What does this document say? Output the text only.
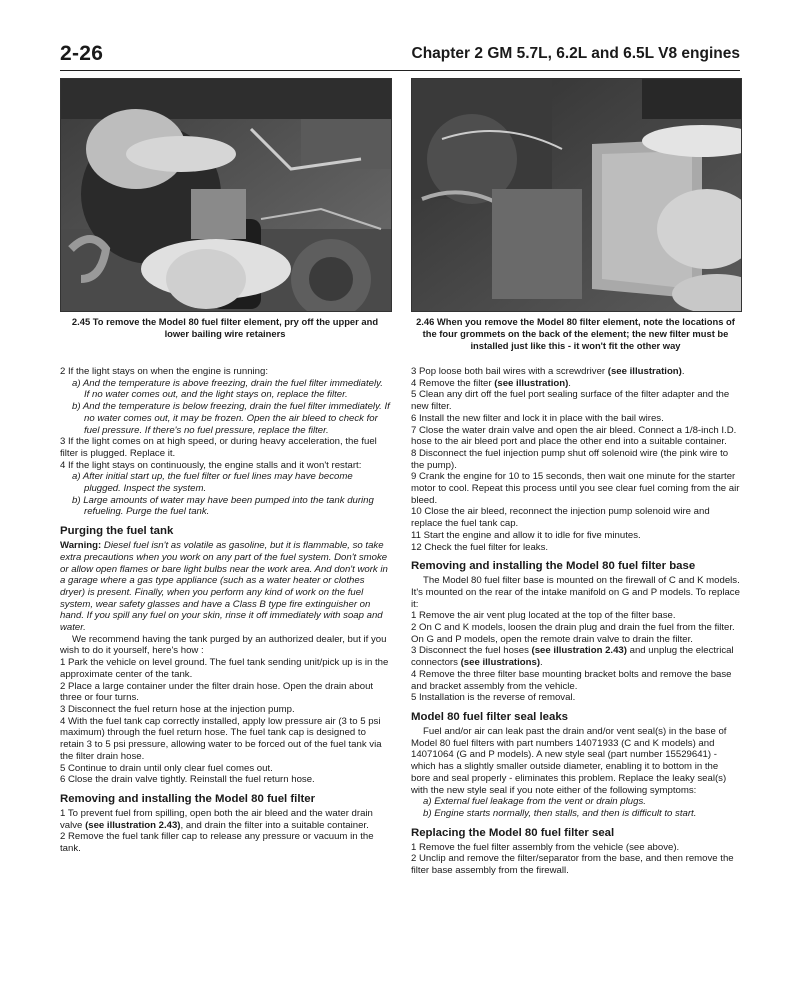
2-26	Chapter 2 GM 5.7L, 6.2L and 6.5L V8 engines
2.45 To remove the Model 80 fuel filter element, pry off the upper and lower bailing wire retainers
2.46 When you remove the Model 80 filter element, note the locations of the four grommets on the back of the element; the new filter must be installed just like this - it won't fit the other way

2 If the light stays on when the engine is running:

a) And the temperature is above freezing, drain the fuel filter immediately. If no water comes out, and the light stays on, replace the filter.

b) And the temperature is below freezing, drain the fuel filter immediately. If no water comes out, it may be frozen. Open the air bleed to check for fuel pressure. If there's no fuel pressure, replace the filter.

3 If the light comes on at high speed, or during heavy acceleration, the fuel filter is plugged. Replace it.

4 If the light stays on continuously, the engine stalls and it won't restart:

a) After initial start up, the fuel filter or fuel lines may have become plugged. Inspect the system.

b) Large amounts of water may have been pumped into the tank during refueling. Purge the fuel tank.

Purging the fuel tank

Warning: Diesel fuel isn't as volatile as gasoline, but it is flammable, so take extra precautions when you work on any part of the fuel system. Don't smoke or allow open flames or bare light bulbs near the work area. And don't work in a garage where a gas type appliance (such as a water heater or clothes dryer) is present. Finally, when you perform any kind of work on the fuel system, wear safety glasses and have a Class B type fire extinguisher on hand. If you spill any fuel on your skin, rinse it off immediately with soap and water.

We recommend having the tank purged by an authorized dealer, but if you wish to do it yourself, here's how :

1 Park the vehicle on level ground. The fuel tank sending unit/pick up is in the approximate center of the tank.

2 Place a large container under the filter drain hose. Open the drain about three or four turns.

3 Disconnect the fuel return hose at the injection pump.

4 With the fuel tank cap correctly installed, apply low pressure air (3 to 5 psi maximum) through the fuel return hose. The fuel tank cap is designed to retain 3 to 5 psi pressure, allowing water to be forced out of the fuel tank via the filter drain hose.

5 Continue to drain until only clear fuel comes out.

6 Close the drain valve tightly. Reinstall the fuel return hose.

Removing and installing the Model 80 fuel filter

1 To prevent fuel from spilling, open both the air bleed and the water drain valve (see illustration 2.43), and drain the filter into a suitable container.

2 Remove the fuel tank filler cap to release any pressure or vacuum in the tank.

3 Pop loose both bail wires with a screwdriver (see illustration).

4 Remove the filter (see illustration).

5 Clean any dirt off the fuel port sealing surface of the filter adapter and the new filter.

6 Install the new filter and lock it in place with the bail wires.

7 Close the water drain valve and open the air bleed. Connect a 1/8-inch I.D. hose to the air bleed port and place the other end into a suitable container.

8 Disconnect the fuel injection pump shut off solenoid wire (the pink wire to the pump).

9 Crank the engine for 10 to 15 seconds, then wait one minute for the starter motor to cool. Repeat this process until you see clear fuel coming from the air bleed.

10 Close the air bleed, reconnect the injection pump solenoid wire and replace the fuel tank cap.

11 Start the engine and allow it to idle for five minutes.

12 Check the fuel filter for leaks.

Removing and installing the Model 80 fuel filter base

The Model 80 fuel filter base is mounted on the firewall of C and K models. It's mounted on the rear of the intake manifold on G and P models. To replace it:

1 Remove the air vent plug located at the top of the filter base.

2 On C and K models, loosen the drain plug and drain the fuel from the filter. On G and P models, open the remote drain valve to drain the filter.

3 Disconnect the fuel hoses (see illustration 2.43) and unplug the electrical connectors (see illustrations).

4 Remove the three filter base mounting bracket bolts and remove the base and bracket assembly from the vehicle.

5 Installation is the reverse of removal.

Model 80 fuel filter seal leaks

Fuel and/or air can leak past the drain and/or vent seal(s) in the base of Model 80 fuel filters with part numbers 14071933 (C and K models) and 14071064 (G and P models). A new style seal (part number 15529641) - which has a slightly smaller outside diameter, enabling it to bottom in the bore and seal properly - eliminates this problem. Replace the leaky seal(s) with the new style seal if you note either of the following symptoms:

a) External fuel leakage from the vent or drain plugs.

b) Engine starts normally, then stalls, and then is difficult to start.

Replacing the Model 80 fuel filter seal

1 Remove the fuel filter assembly from the vehicle (see above).

2 Unclip and remove the filter/separator from the base, and then remove the filter base assembly from the firewall.
